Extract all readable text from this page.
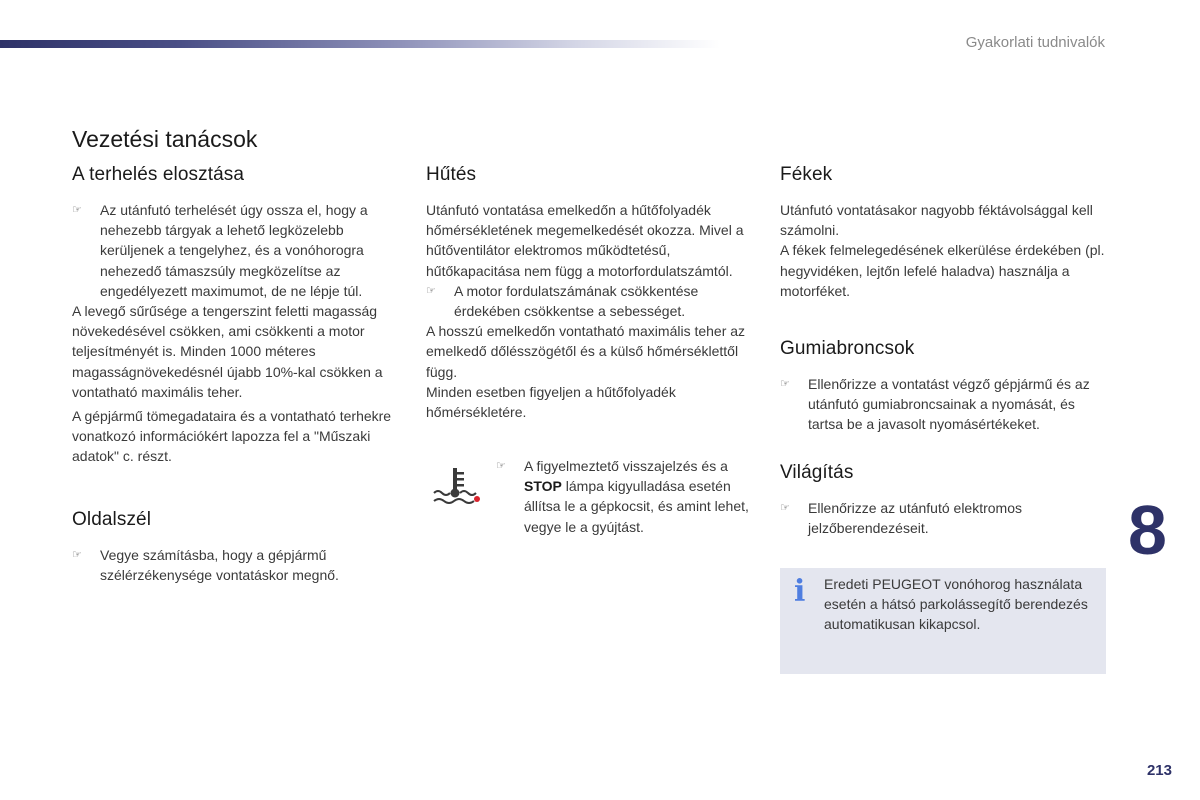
Gyakorlati tudnivalók
Vezetési tanácsok
A terhelés elosztása
☞ Az utánfutó terhelését úgy ossza el, hogy a nehezebb tárgyak a lehető legközelebb kerüljenek a tengelyhez, és a vonóhorogra nehezedő támaszsúly megközelítse az engedélyezett maximumot, de ne lépje túl.

A levegő sűrűsége a tengerszint feletti magasság növekedésével csökken, ami csökkenti a motor teljesítményét is. Minden 1000 méteres magasságnövekedésnél újabb 10%-kal csökken a vontatható maximális teher.

A gépjármű tömegadataira és a vontatható terhekre vonatkozó információkért lapozza fel a "Műszaki adatok" c. részt.

Oldalszél
☞ Vegye számításba, hogy a gépjármű szélérzékenysége vontatáskor megnő.
Hűtés

Utánfutó vontatása emelkedőn a hűtőfolyadék hőmérsékletének megemelkedését okozza. Mivel a hűtőventilátor elektromos működtetésű, hűtőkapacitása nem függ a motorfordulatszámtól.

☞ A motor fordulatszámának csökkentése érdekében csökkentse a sebességet.

A hosszú emelkedőn vontatható maximális teher az emelkedő dőlésszögétől és a külső hőmérséklettől függ.

Minden esetben figyeljen a hűtőfolyadék hőmérsékletére.

☞ A figyelmeztető visszajelzés és a STOP lámpa kigyulladása esetén állítsa le a gépkocsit, és amint lehet, vegye le a gyújtást.
Fékek

Utánfutó vontatásakor nagyobb féktávolsággal kell számolni.

A fékek felmelegedésének elkerülése érdekében (pl. hegyvidéken, lejtőn lefelé haladva) használja a motorféket.

Gumiabroncsok
☞ Ellenőrizze a vontatást végző gépjármű és az utánfutó gumiabroncsainak a nyomását, és tartsa be a javasolt nyomásértékeket.
Világítás
☞ Ellenőrizze az utánfutó elektromos jelzőberendezéseit.
i Eredeti PEUGEOT vonóhorog használata esetén a hátsó parkolássegítő berendezés automatikusan kikapcsol.
8
213
